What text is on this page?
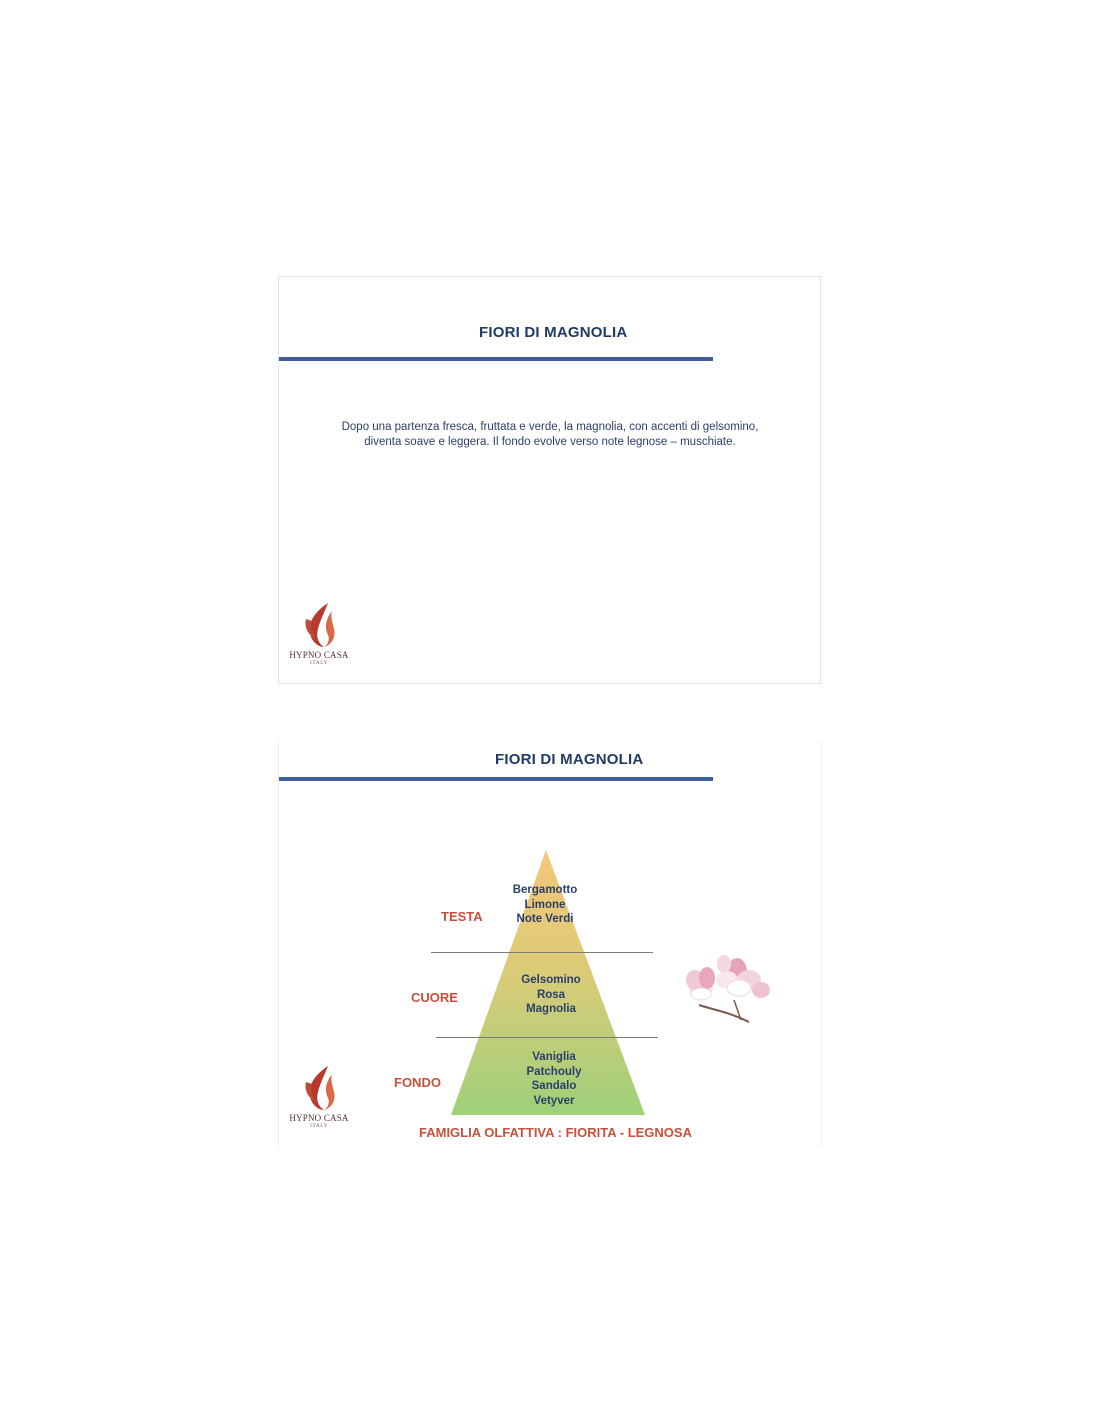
FIORI DI MAGNOLIA
Dopo una partenza fresca, fruttata e verde, la magnolia, con accenti di gelsomino,
diventa soave e leggera. Il fondo evolve verso note legnose – muschiate.
HYPNO CASA
ITALY
FIORI DI MAGNOLIA
TESTA
CUORE
FONDO
Bergamotto
Limone
Note Verdi
Gelsomino
Rosa
Magnolia
Vaniglia
Patchouly
Sandalo
Vetyver
FAMIGLIA OLFATTIVA : FIORITA - LEGNOSA
HYPNO CASA
ITALY
